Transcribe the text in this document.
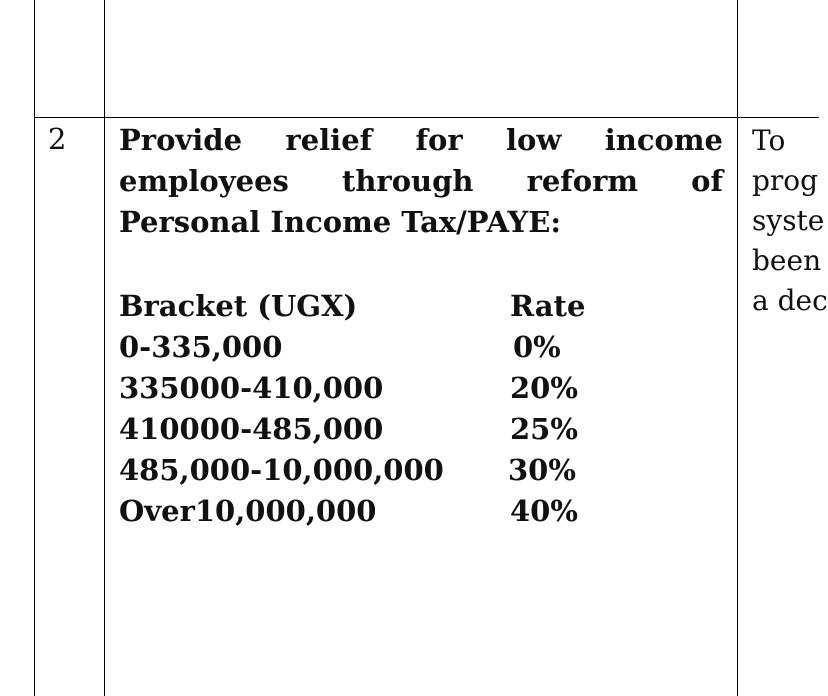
2 Provide relief for low income
employees through reform of
Personal Income Tax/PAYE:
Bracket (UGX)	Rate
0-335,000	0%
335000-410,000	20%
410000-485,000	25%
485,000-10,000,000 30%
Over10,000,000	40%
To
prog
syste
been
a dec
